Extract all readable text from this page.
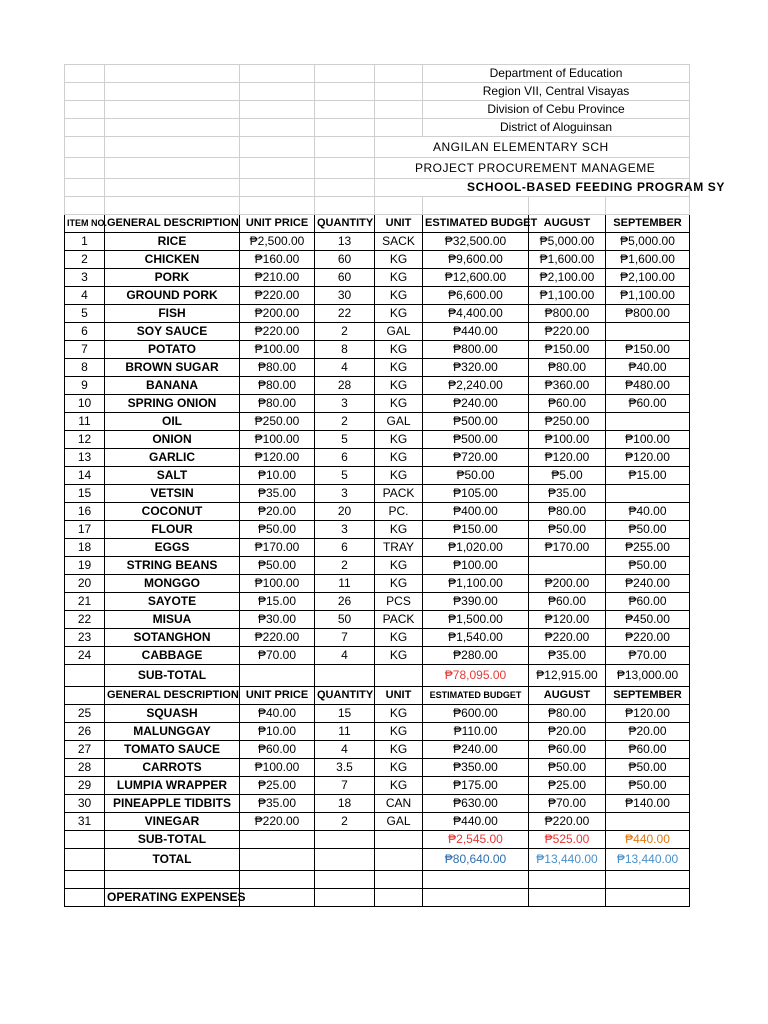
					Department of Education		
					Region VII, Central Visayas		
					Division of Cebu Province		
					District of Aloguinsan		
				ANGILAN ELEMENTARY SCH			
				PROJECT PROCUREMENT MANAGEME			
				SCHOOL-BASED FEEDING PROGRAM SY			

ITEM NO.	GENERAL DESCRIPTION	UNIT PRICE	QUANTITY	UNIT	ESTIMATED BUDGET	AUGUST	SEPTEMBER
1	RICE	₱2,500.00	13	SACK	₱32,500.00	₱5,000.00	₱5,000.00
2	CHICKEN	₱160.00	60	KG	₱9,600.00	₱1,600.00	₱1,600.00
3	PORK	₱210.00	60	KG	₱12,600.00	₱2,100.00	₱2,100.00
4	GROUND PORK	₱220.00	30	KG	₱6,600.00	₱1,100.00	₱1,100.00
5	FISH	₱200.00	22	KG	₱4,400.00	₱800.00	₱800.00
6	SOY SAUCE	₱220.00	2	GAL	₱440.00	₱220.00	
7	POTATO	₱100.00	8	KG	₱800.00	₱150.00	₱150.00
8	BROWN SUGAR	₱80.00	4	KG	₱320.00	₱80.00	₱40.00
9	BANANA	₱80.00	28	KG	₱2,240.00	₱360.00	₱480.00
10	SPRING ONION	₱80.00	3	KG	₱240.00	₱60.00	₱60.00
11	OIL	₱250.00	2	GAL	₱500.00	₱250.00	
12	ONION	₱100.00	5	KG	₱500.00	₱100.00	₱100.00
13	GARLIC	₱120.00	6	KG	₱720.00	₱120.00	₱120.00
14	SALT	₱10.00	5	KG	₱50.00	₱5.00	₱15.00
15	VETSIN	₱35.00	3	PACK	₱105.00	₱35.00	
16	COCONUT	₱20.00	20	PC.	₱400.00	₱80.00	₱40.00
17	FLOUR	₱50.00	3	KG	₱150.00	₱50.00	₱50.00
18	EGGS	₱170.00	6	TRAY	₱1,020.00	₱170.00	₱255.00
19	STRING BEANS	₱50.00	2	KG	₱100.00		₱50.00
20	MONGGO	₱100.00	11	KG	₱1,100.00	₱200.00	₱240.00
21	SAYOTE	₱15.00	26	PCS	₱390.00	₱60.00	₱60.00
22	MISUA	₱30.00	50	PACK	₱1,500.00	₱120.00	₱450.00
23	SOTANGHON	₱220.00	7	KG	₱1,540.00	₱220.00	₱220.00
24	CABBAGE	₱70.00	4	KG	₱280.00	₱35.00	₱70.00
	SUB-TOTAL				₱78,095.00	₱12,915.00	₱13,000.00
	GENERAL DESCRIPTION	UNIT PRICE	QUANTITY	UNIT	ESTIMATED BUDGET	AUGUST	SEPTEMBER
25	SQUASH	₱40.00	15	KG	₱600.00	₱80.00	₱120.00
26	MALUNGGAY	₱10.00	11	KG	₱110.00	₱20.00	₱20.00
27	TOMATO SAUCE	₱60.00	4	KG	₱240.00	₱60.00	₱60.00
28	CARROTS	₱100.00	3.5	KG	₱350.00	₱50.00	₱50.00
29	LUMPIA WRAPPER	₱25.00	7	KG	₱175.00	₱25.00	₱50.00
30	PINEAPPLE TIDBITS	₱35.00	18	CAN	₱630.00	₱70.00	₱140.00
31	VINEGAR	₱220.00	2	GAL	₱440.00	₱220.00	
	SUB-TOTAL				₱2,545.00	₱525.00	₱440.00
	TOTAL				₱80,640.00	₱13,440.00	₱13,440.00

	OPERATING EXPENSES						
